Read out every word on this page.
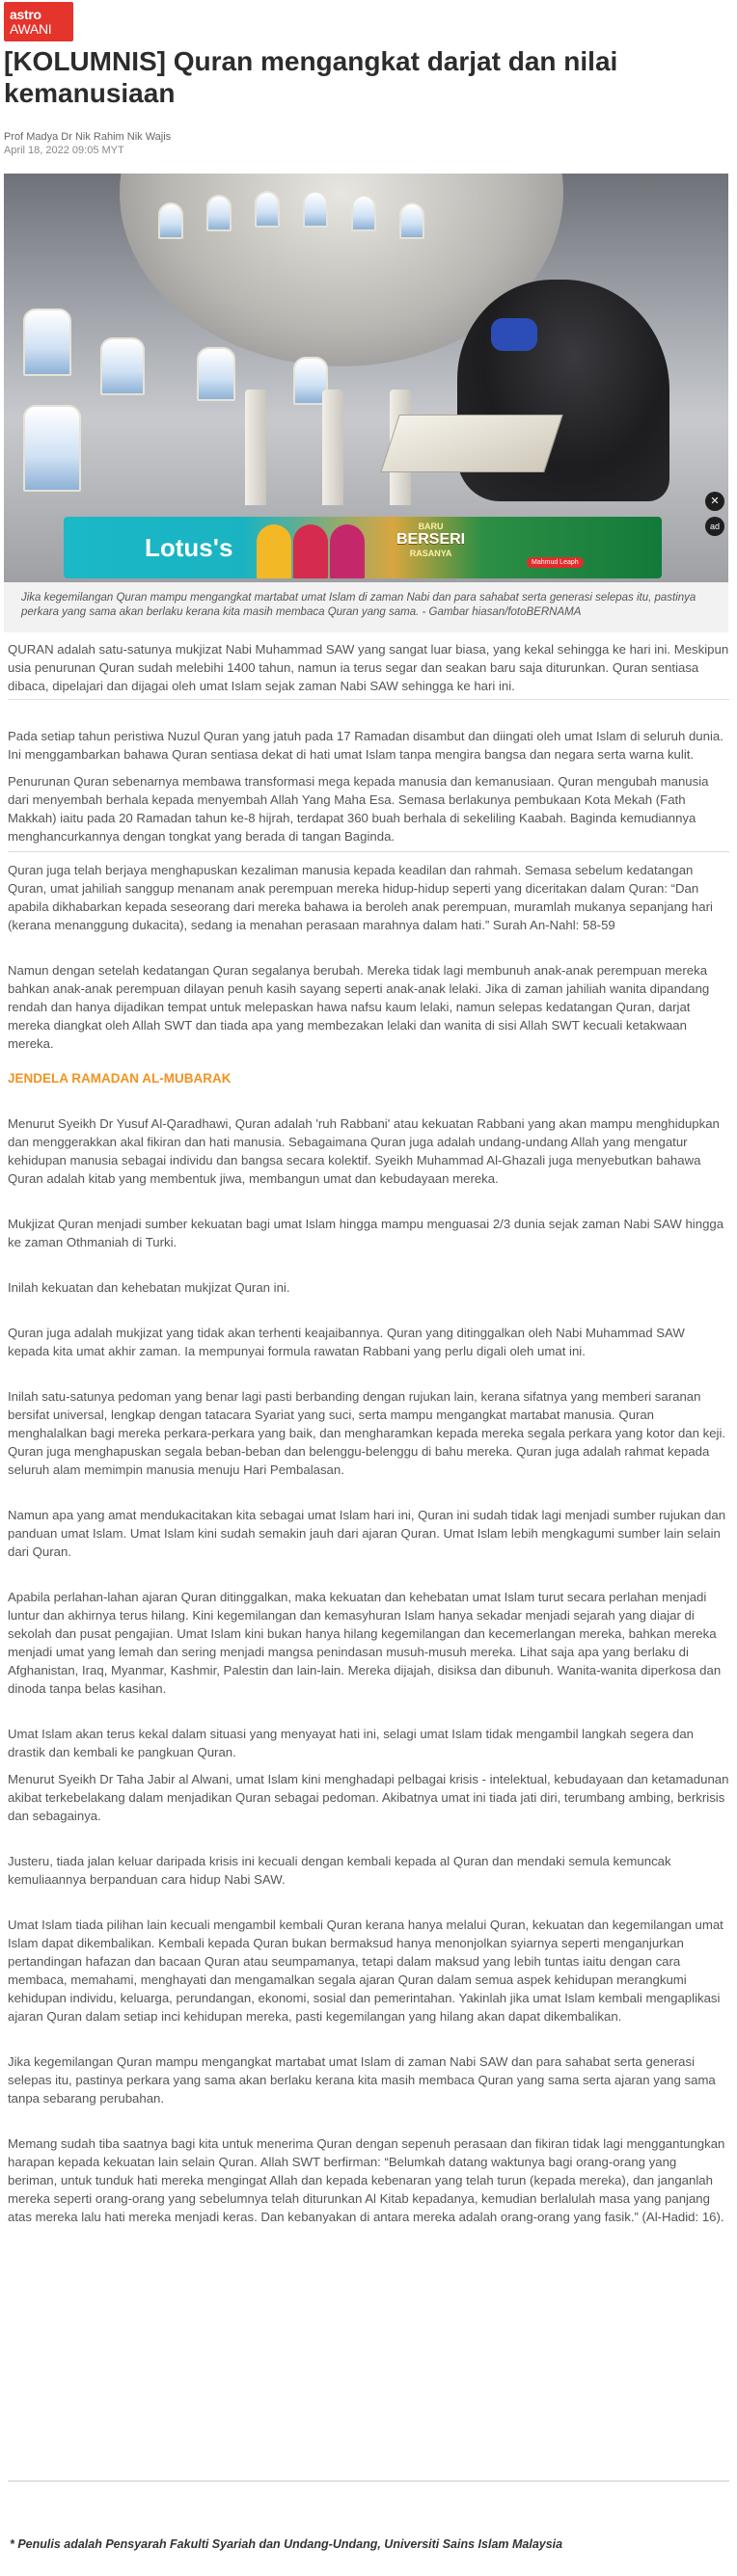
astro
AWANI
[KOLUMNIS] Quran mengangkat darjat dan nilai kemanusiaan
Prof Madya Dr Nik Rahim Nik Wajis
April 18, 2022 09:05 MYT
✕
ad
Lotus's
BARU
BERSERI
RASANYA
Mahmud Leaph
Jika kegemilangan Quran mampu mengangkat martabat umat Islam di zaman Nabi dan para sahabat serta generasi selepas itu, pastinya perkara yang sama akan berlaku kerana kita masih membaca Quran yang sama. - Gambar hiasan/fotoBERNAMA

QURAN adalah satu-satunya mukjizat Nabi Muhammad SAW yang sangat luar biasa, yang kekal sehingga ke hari ini. Meskipun usia penurunan Quran sudah melebihi 1400 tahun, namun ia terus segar dan seakan baru saja diturunkan. Quran sentiasa dibaca, dipelajari dan dijagai oleh umat Islam sejak zaman Nabi SAW sehingga ke hari ini.

Pada setiap tahun peristiwa Nuzul Quran yang jatuh pada 17 Ramadan disambut dan diingati oleh umat Islam di seluruh dunia. Ini menggambarkan bahawa Quran sentiasa dekat di hati umat Islam tanpa mengira bangsa dan negara serta warna kulit.

Penurunan Quran sebenarnya membawa transformasi mega kepada manusia dan kemanusiaan. Quran mengubah manusia dari menyembah berhala kepada menyembah Allah Yang Maha Esa. Semasa berlakunya pembukaan Kota Mekah (Fath Makkah) iaitu pada 20 Ramadan tahun ke-8 hijrah, terdapat 360 buah berhala di sekeliling Kaabah. Baginda kemudiannya menghancurkannya dengan tongkat yang berada di tangan Baginda.

Quran juga telah berjaya menghapuskan kezaliman manusia kepada keadilan dan rahmah. Semasa sebelum kedatangan Quran, umat jahiliah sanggup menanam anak perempuan mereka hidup-hidup seperti yang diceritakan dalam Quran: “Dan apabila dikhabarkan kepada seseorang dari mereka bahawa ia beroleh anak perempuan, muramlah mukanya sepanjang hari (kerana menanggung dukacita), sedang ia menahan perasaan marahnya dalam hati.” Surah An-Nahl: 58-59

Namun dengan setelah kedatangan Quran segalanya berubah. Mereka tidak lagi membunuh anak-anak perempuan mereka bahkan anak-anak perempuan dilayan penuh kasih sayang seperti anak-anak lelaki. Jika di zaman jahiliah wanita dipandang rendah dan hanya dijadikan tempat untuk melepaskan hawa nafsu kaum lelaki, namun selepas kedatangan Quran, darjat mereka diangkat oleh Allah SWT dan tiada apa yang membezakan lelaki dan wanita di sisi Allah SWT kecuali ketakwaan mereka.

JENDELA RAMADAN AL-MUBARAK

Menurut Syeikh Dr Yusuf Al-Qaradhawi, Quran adalah 'ruh Rabbani' atau kekuatan Rabbani yang akan mampu menghidupkan dan menggerakkan akal fikiran dan hati manusia. Sebagaimana Quran juga adalah undang-undang Allah yang mengatur kehidupan manusia sebagai individu dan bangsa secara kolektif. Syeikh Muhammad Al-Ghazali juga menyebutkan bahawa Quran adalah kitab yang membentuk jiwa, membangun umat dan kebudayaan mereka.

Mukjizat Quran menjadi sumber kekuatan bagi umat Islam hingga mampu menguasai 2/3 dunia sejak zaman Nabi SAW hingga ke zaman Othmaniah di Turki.

Inilah kekuatan dan kehebatan mukjizat Quran ini.

Quran juga adalah mukjizat yang tidak akan terhenti keajaibannya. Quran yang ditinggalkan oleh Nabi Muhammad SAW kepada kita umat akhir zaman. Ia mempunyai formula rawatan Rabbani yang perlu digali oleh umat ini.

Inilah satu-satunya pedoman yang benar lagi pasti berbanding dengan rujukan lain, kerana sifatnya yang memberi saranan bersifat universal, lengkap dengan tatacara Syariat yang suci, serta mampu mengangkat martabat manusia. Quran menghalalkan bagi mereka perkara-perkara yang baik, dan mengharamkan kepada mereka segala perkara yang kotor dan keji. Quran juga menghapuskan segala beban-beban dan belenggu-belenggu di bahu mereka. Quran juga adalah rahmat kepada seluruh alam memimpin manusia menuju Hari Pembalasan.

Namun apa yang amat mendukacitakan kita sebagai umat Islam hari ini, Quran ini sudah tidak lagi menjadi sumber rujukan dan panduan umat Islam. Umat Islam kini sudah semakin jauh dari ajaran Quran. Umat Islam lebih mengkagumi sumber lain selain dari Quran.

Apabila perlahan-lahan ajaran Quran ditinggalkan, maka kekuatan dan kehebatan umat Islam turut secara perlahan menjadi luntur dan akhirnya terus hilang. Kini kegemilangan dan kemasyhuran Islam hanya sekadar menjadi sejarah yang diajar di sekolah dan pusat pengajian. Umat Islam kini bukan hanya hilang kegemilangan dan kecemerlangan mereka, bahkan mereka menjadi umat yang lemah dan sering menjadi mangsa penindasan musuh-musuh mereka. Lihat saja apa yang berlaku di Afghanistan, Iraq, Myanmar, Kashmir, Palestin dan lain-lain. Mereka dijajah, disiksa dan dibunuh. Wanita-wanita diperkosa dan dinoda tanpa belas kasihan.

Umat Islam akan terus kekal dalam situasi yang menyayat hati ini, selagi umat Islam tidak mengambil langkah segera dan drastik dan kembali ke pangkuan Quran.

Menurut Syeikh Dr Taha Jabir al Alwani, umat Islam kini menghadapi pelbagai krisis - intelektual, kebudayaan dan ketamadunan akibat terkebelakang dalam menjadikan Quran sebagai pedoman. Akibatnya umat ini tiada jati diri, terumbang ambing, berkrisis dan sebagainya.

Justeru, tiada jalan keluar daripada krisis ini kecuali dengan kembali kepada al Quran dan mendaki semula kemuncak kemuliaannya berpanduan cara hidup Nabi SAW.

Umat Islam tiada pilihan lain kecuali mengambil kembali Quran kerana hanya melalui Quran, kekuatan dan kegemilangan umat Islam dapat dikembalikan. Kembali kepada Quran bukan bermaksud hanya menonjolkan syiarnya seperti menganjurkan pertandingan hafazan dan bacaan Quran atau seumpamanya, tetapi dalam maksud yang lebih tuntas iaitu dengan cara membaca, memahami, menghayati dan mengamalkan segala ajaran Quran dalam semua aspek kehidupan merangkumi kehidupan individu, keluarga, perundangan, ekonomi, sosial dan pemerintahan. Yakinlah jika umat Islam kembali mengaplikasi ajaran Quran dalam setiap inci kehidupan mereka, pasti kegemilangan yang hilang akan dapat dikembalikan.

Jika kegemilangan Quran mampu mengangkat martabat umat Islam di zaman Nabi SAW dan para sahabat serta generasi selepas itu, pastinya perkara yang sama akan berlaku kerana kita masih membaca Quran yang sama serta ajaran yang sama tanpa sebarang perubahan.

Memang sudah tiba saatnya bagi kita untuk menerima Quran dengan sepenuh perasaan dan fikiran tidak lagi menggantungkan harapan kepada kekuatan lain selain Quran. Allah SWT berfirman: “Belumkah datang waktunya bagi orang-orang yang beriman, untuk tunduk hati mereka mengingat Allah dan kepada kebenaran yang telah turun (kepada mereka), dan janganlah mereka seperti orang-orang yang sebelumnya telah diturunkan Al Kitab kepadanya, kemudian berlalulah masa yang panjang atas mereka lalu hati mereka menjadi keras. Dan kebanyakan di antara mereka adalah orang-orang yang fasik.” (Al-Hadid: 16).

* Penulis adalah Pensyarah Fakulti Syariah dan Undang-Undang, Universiti Sains Islam Malaysia
